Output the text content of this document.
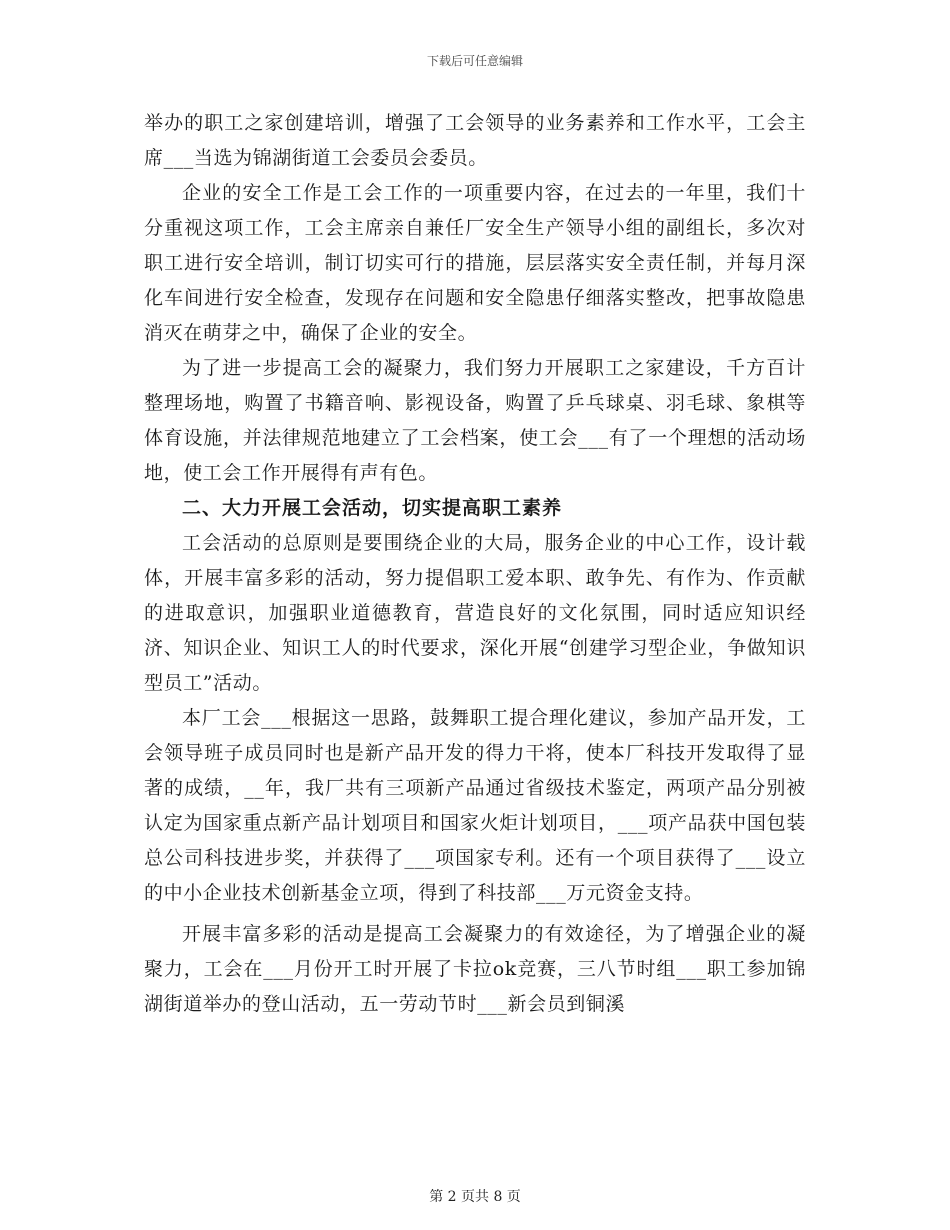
下载后可任意编辑

举办的职工之家创建培训，增强了工会领导的业务素养和工作水平，工会主席___当选为锦湖街道工会委员会委员。

企业的安全工作是工会工作的一项重要内容，在过去的一年里，我们十分重视这项工作，工会主席亲自兼任厂安全生产领导小组的副组长，多次对职工进行安全培训，制订切实可行的措施，层层落实安全责任制，并每月深化车间进行安全检查，发现存在问题和安全隐患仔细落实整改，把事故隐患消灭在萌芽之中，确保了企业的安全。

为了进一步提高工会的凝聚力，我们努力开展职工之家建设，千方百计整理场地，购置了书籍音响、影视设备，购置了乒乓球桌、羽毛球、象棋等体育设施，并法律规范地建立了工会档案，使工会___有了一个理想的活动场地，使工会工作开展得有声有色。

二、大力开展工会活动，切实提高职工素养

工会活动的总原则是要围绕企业的大局，服务企业的中心工作，设计载体，开展丰富多彩的活动，努力提倡职工爱本职、敢争先、有作为、作贡献的进取意识，加强职业道德教育，营造良好的文化氛围，同时适应知识经济、知识企业、知识工人的时代要求，深化开展“创建学习型企业，争做知识型员工”活动。

本厂工会___根据这一思路，鼓舞职工提合理化建议，参加产品开发，工会领导班子成员同时也是新产品开发的得力干将，使本厂科技开发取得了显著的成绩，__年，我厂共有三项新产品通过省级技术鉴定，两项产品分别被认定为国家重点新产品计划项目和国家火炬计划项目，___项产品获中国包装总公司科技进步奖，并获得了___项国家专利。还有一个项目获得了___设立的中小企业技术创新基金立项，得到了科技部___万元资金支持。

开展丰富多彩的活动是提高工会凝聚力的有效途径，为了增强企业的凝聚力，工会在___月份开工时开展了卡拉ok竞赛，三八节时组___职工参加锦湖街道举办的登山活动，五一劳动节时___新会员到铜溪

第 2 页共 8 页
